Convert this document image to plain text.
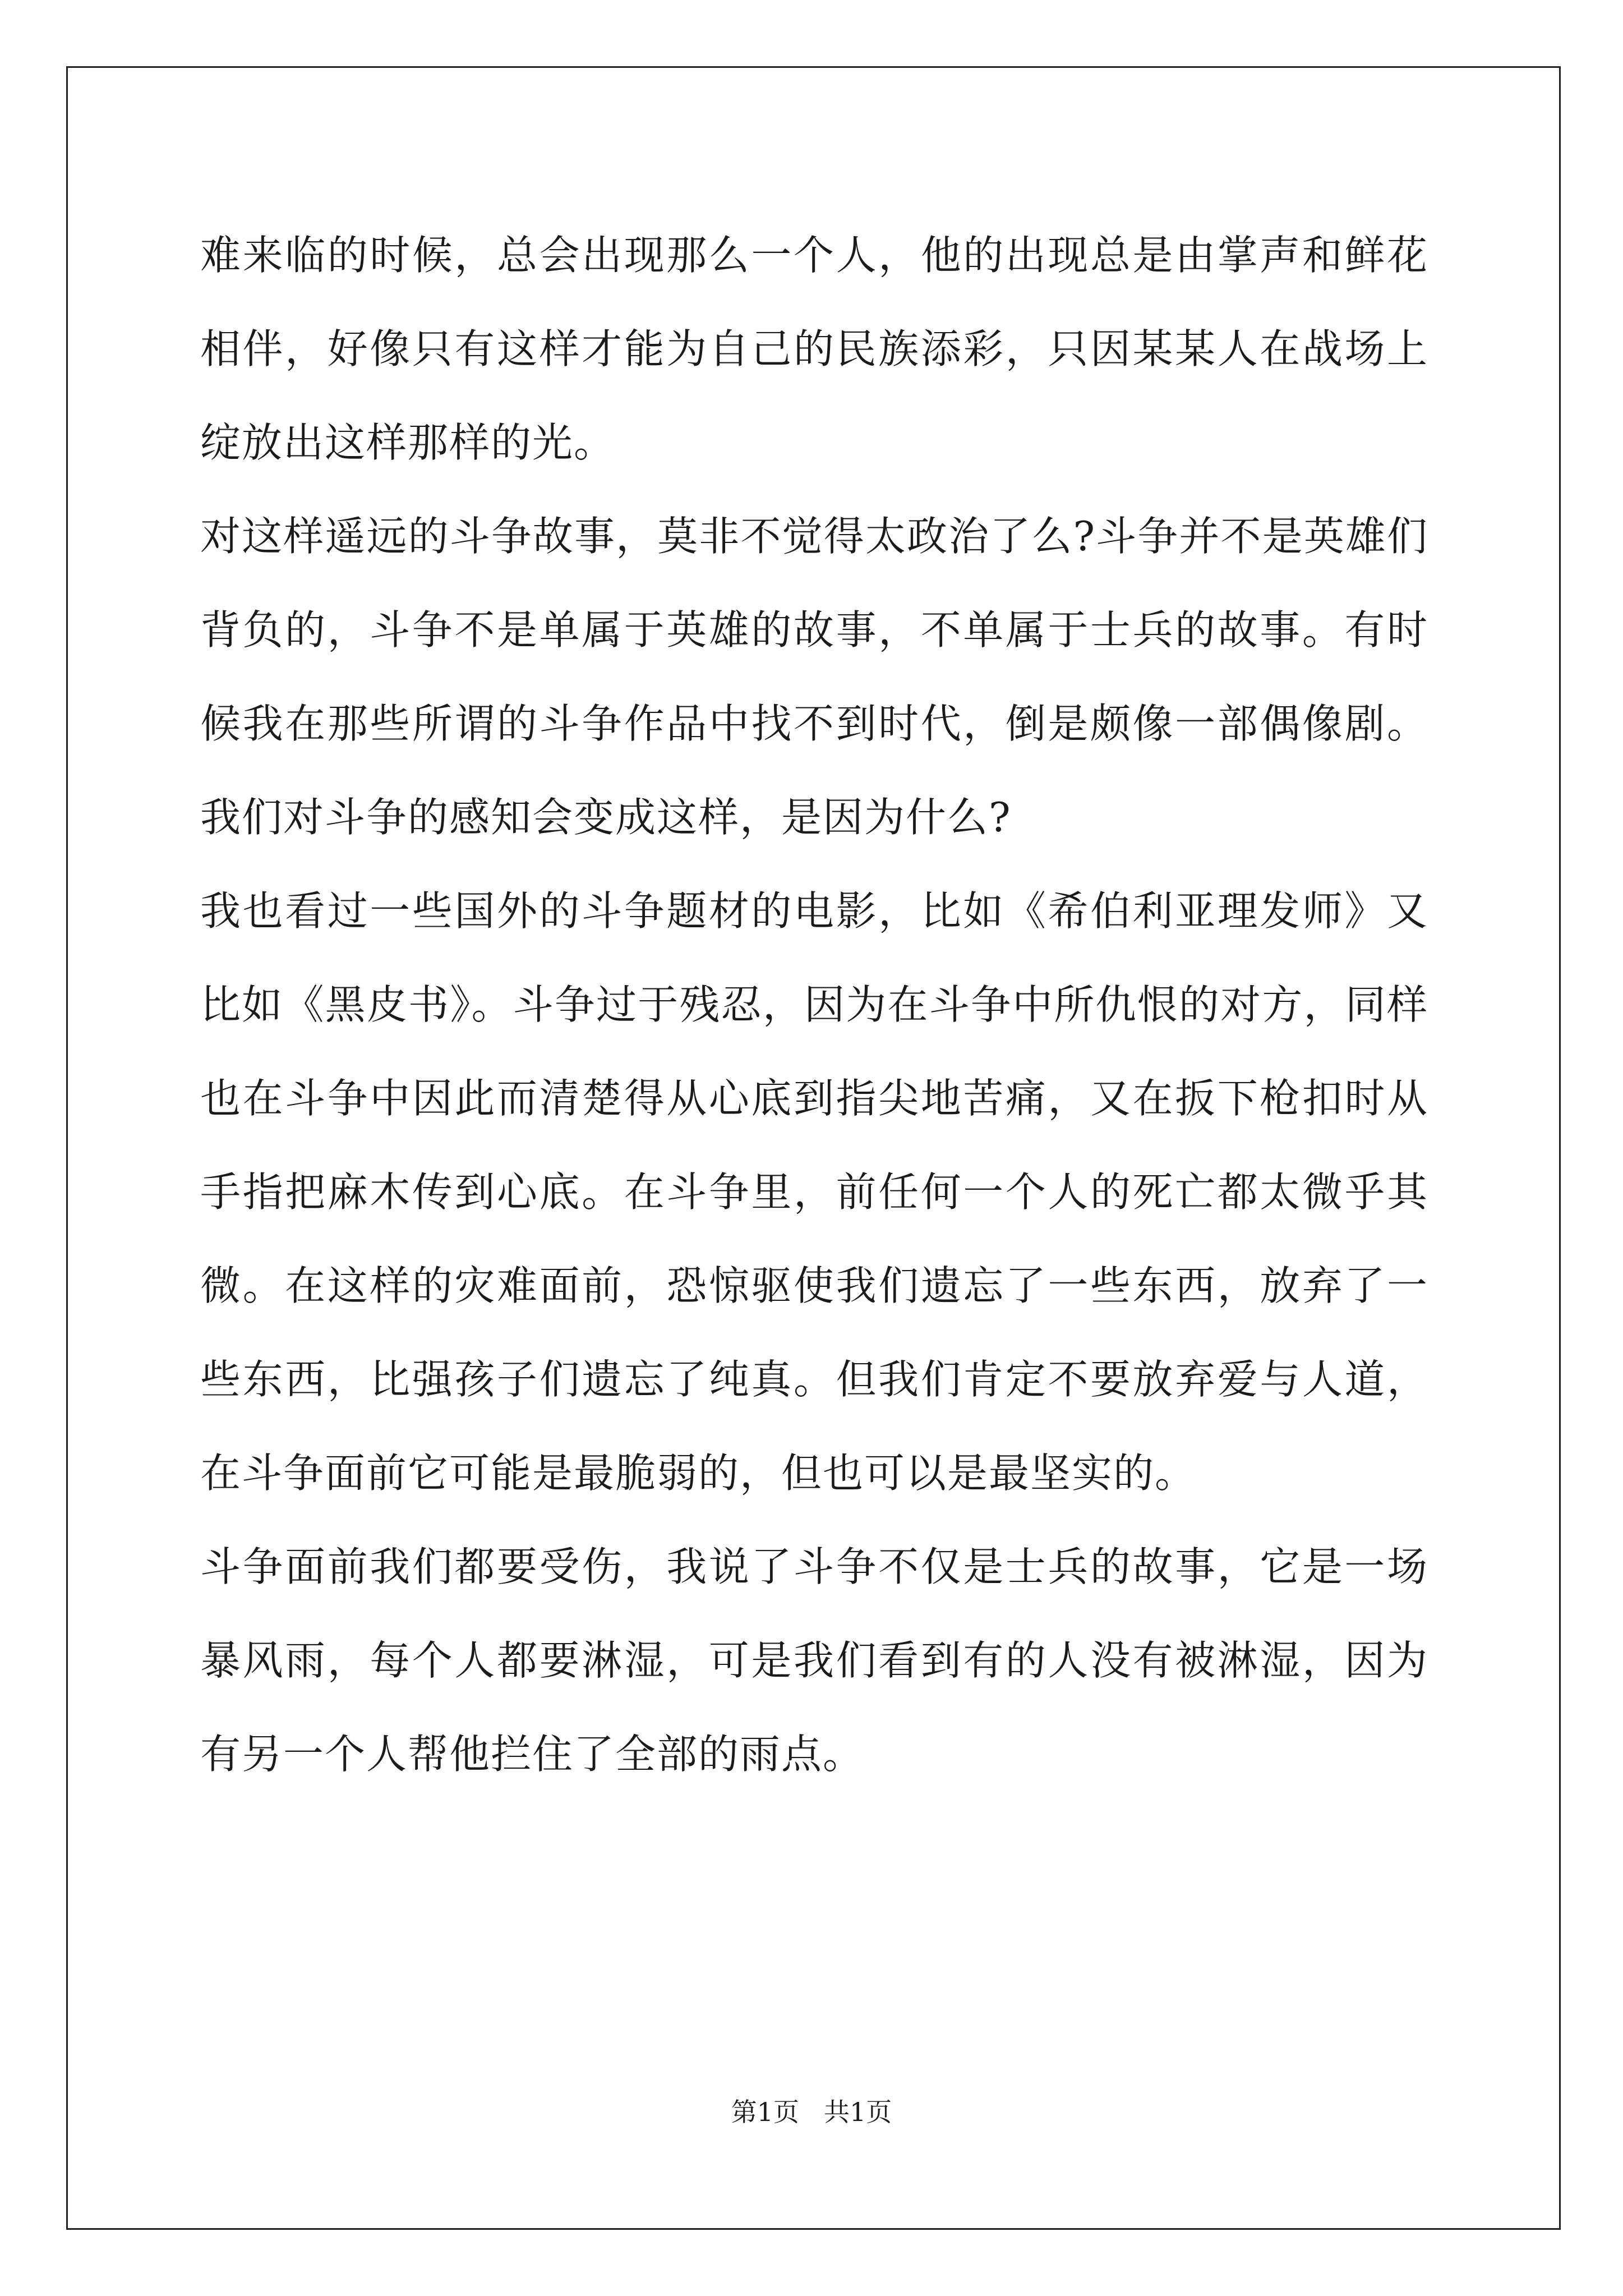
难来临的时候，总会出现那么一个人，他的出现总是由掌声和鲜花相伴，好像只有这样才能为自己的民族添彩，只因某某人在战场上绽放出这样那样的光。

对这样遥远的斗争故事，莫非不觉得太政治了么?斗争并不是英雄们背负的，斗争不是单属于英雄的故事，不单属于士兵的故事。有时候我在那些所谓的斗争作品中找不到时代，倒是颇像一部偶像剧。我们对斗争的感知会变成这样，是因为什么?

我也看过一些国外的斗争题材的电影，比如《希伯利亚理发师》又比如《黑皮书》。斗争过于残忍，因为在斗争中所仇恨的对方，同样也在斗争中因此而清楚得从心底到指尖地苦痛，又在扳下枪扣时从手指把麻木传到心底。在斗争里，前任何一个人的死亡都太微乎其微。在这样的灾难面前，恐惊驱使我们遗忘了一些东西，放弃了一些东西，比强孩子们遗忘了纯真。但我们肯定不要放弃爱与人道，在斗争面前它可能是最脆弱的，但也可以是最坚实的。

斗争面前我们都要受伤，我说了斗争不仅是士兵的故事，它是一场暴风雨，每个人都要淋湿，可是我们看到有的人没有被淋湿，因为有另一个人帮他拦住了全部的雨点。

第1页 共1页
